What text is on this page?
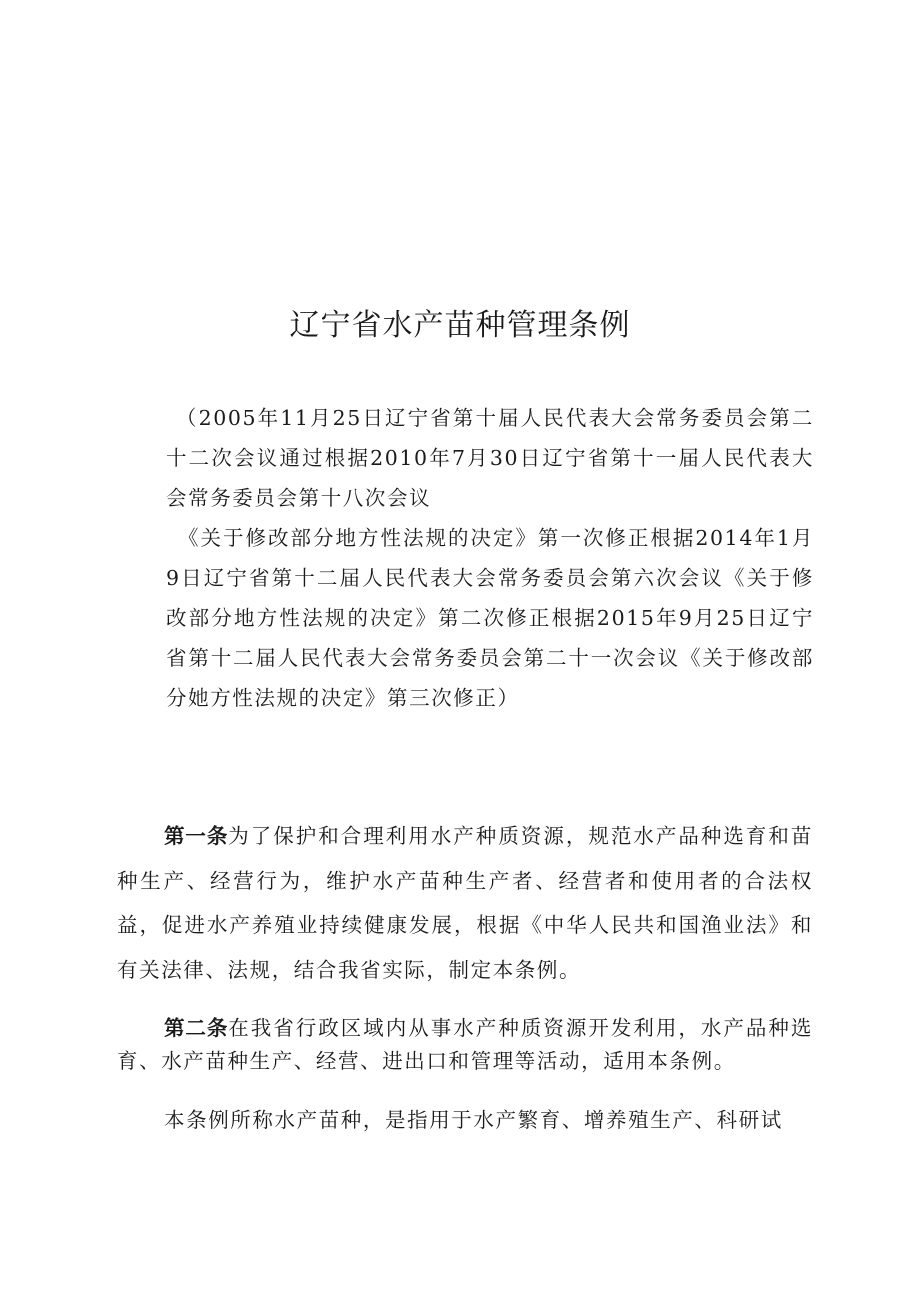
辽宁省水产苗种管理条例

（2005年11月25日辽宁省第十届人民代表大会常务委员会第二十二次会议通过根据2010年7月30日辽宁省第十一届人民代表大会常务委员会第十八次会议

《关于修改部分地方性法规的决定》第一次修正根据2014年1月9日辽宁省第十二届人民代表大会常务委员会第六次会议《关于修改部分地方性法规的决定》第二次修正根据2015年9月25日辽宁省第十二届人民代表大会常务委员会第二十一次会议《关于修改部分她方性法规的决定》第三次修正）

第一条为了保护和合理利用水产种质资源，规范水产品种选育和苗种生产、经营行为，维护水产苗种生产者、经营者和使用者的合法权益，促进水产养殖业持续健康发展，根据《中华人民共和国渔业法》和有关法律、法规，结合我省实际，制定本条例。

第二条在我省行政区域内从事水产种质资源开发利用，水产品种选育、水产苗种生产、经营、进出口和管理等活动，适用本条例。

本条例所称水产苗种，是指用于水产繁育、增养殖生产、科研试
